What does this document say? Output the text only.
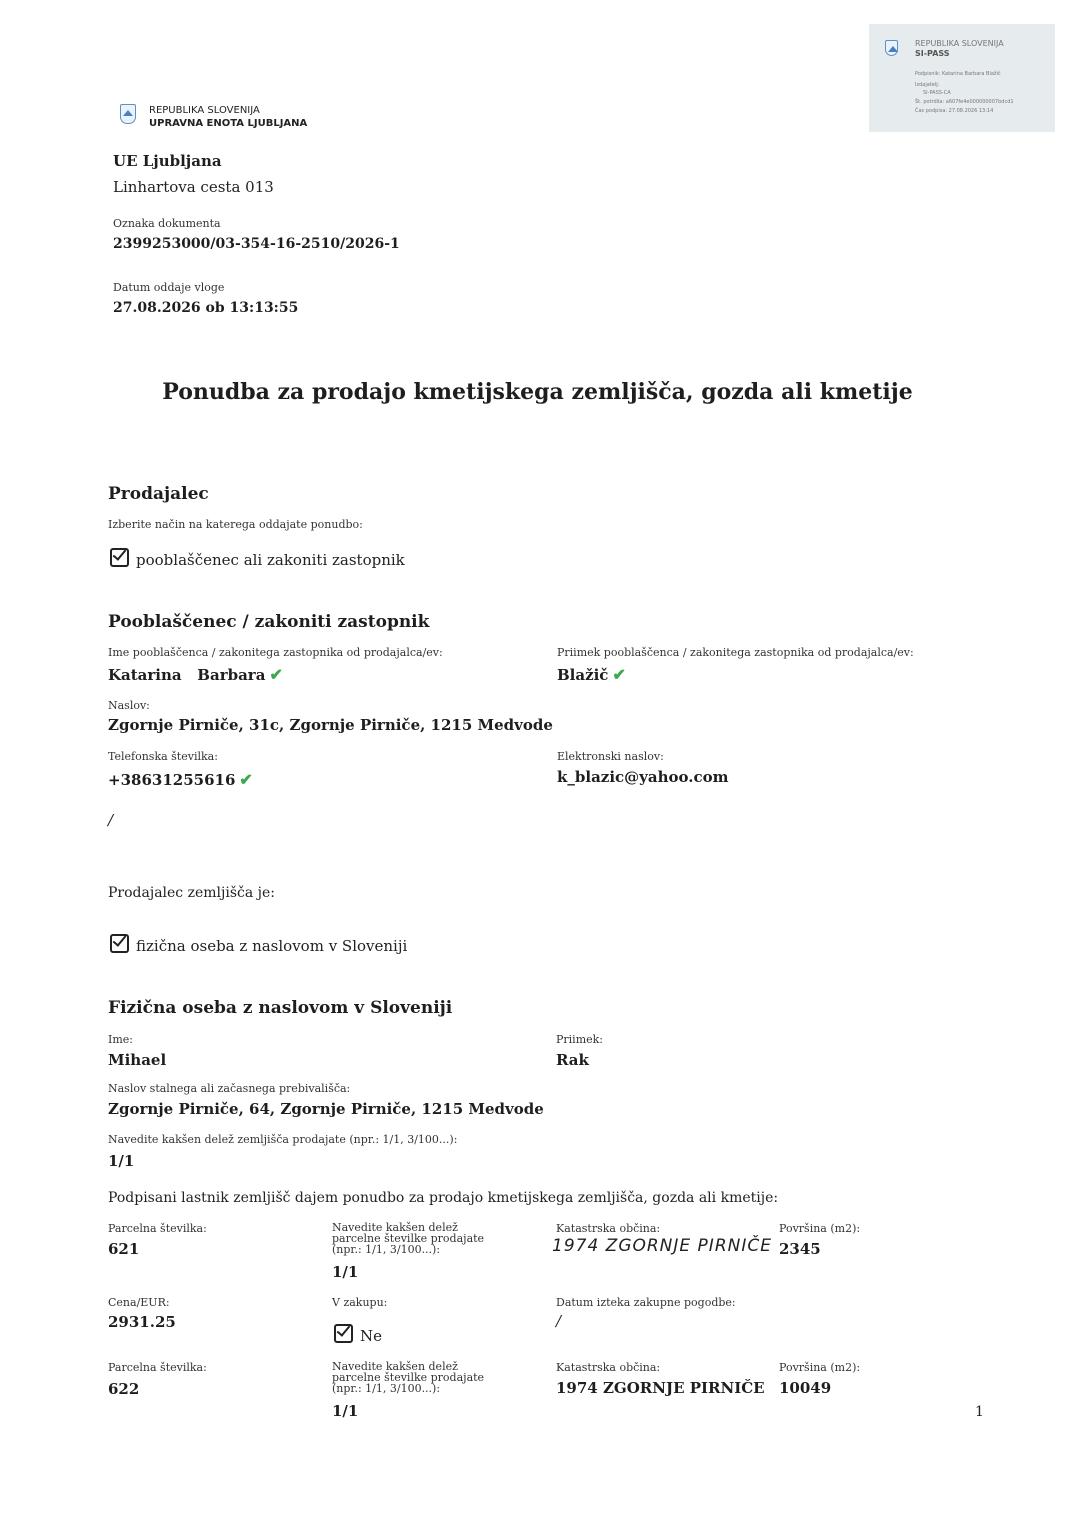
REPUBLIKA SLOVENIJA
SI-PASS
Podpisnik: Katarina Barbara Blažič
Izdajatelj:
SI-PASS-CA
Št. potrdila: a607fe4e000000007bdcd1
Čas podpisa: 27.08.2026 13:14
REPUBLIKA SLOVENIJA
UPRAVNA ENOTA LJUBLJANA
UE Ljubljana
Linhartova cesta 013
Oznaka dokumenta
2399253000/03-354-16-2510/2026-1
Datum oddaje vloge
27.08.2026 ob 13:13:55
Ponudba za prodajo kmetijskega zemljišča, gozda ali kmetije
Prodajalec
Izberite način na katerega oddajate ponudbo:
pooblaščenec ali zakoniti zastopnik
Pooblaščenec / zakoniti zastopnik
Ime pooblaščenca / zakonitega zastopnika od prodajalca/ev:
Katarina   Barbara ✔
Priimek pooblaščenca / zakonitega zastopnika od prodajalca/ev:
Blažič ✔
Naslov:
Zgornje Pirniče, 31c, Zgornje Pirniče, 1215 Medvode
Telefonska številka:
+38631255616 ✔
Elektronski naslov:
k_blazic@yahoo.com
/
Prodajalec zemljišča je:
fizična oseba z naslovom v Sloveniji
Fizična oseba z naslovom v Sloveniji
Ime:
Mihael
Priimek:
Rak
Naslov stalnega ali začasnega prebivališča:
Zgornje Pirniče, 64, Zgornje Pirniče, 1215 Medvode
Navedite kakšen delež zemljišča prodajate (npr.: 1/1, 3/100...):
1/1
Podpisani lastnik zemljišč dajem ponudbo za prodajo kmetijskega zemljišča, gozda ali kmetije:
Parcelna številka:
621
Navedite kakšen delež parcelne številke prodajate (npr.: 1/1, 3/100...):
1/1
Katastrska občina:
1974 ZGORNJE PIRNIČE
Površina (m2):
2345
Cena/EUR:
2931.25
V zakupu:
Ne
Datum izteka zakupne pogodbe:
/
Parcelna številka:
622
Navedite kakšen delež parcelne številke prodajate (npr.: 1/1, 3/100...):
1/1
Katastrska občina:
1974 ZGORNJE PIRNIČE
Površina (m2):
10049
1
